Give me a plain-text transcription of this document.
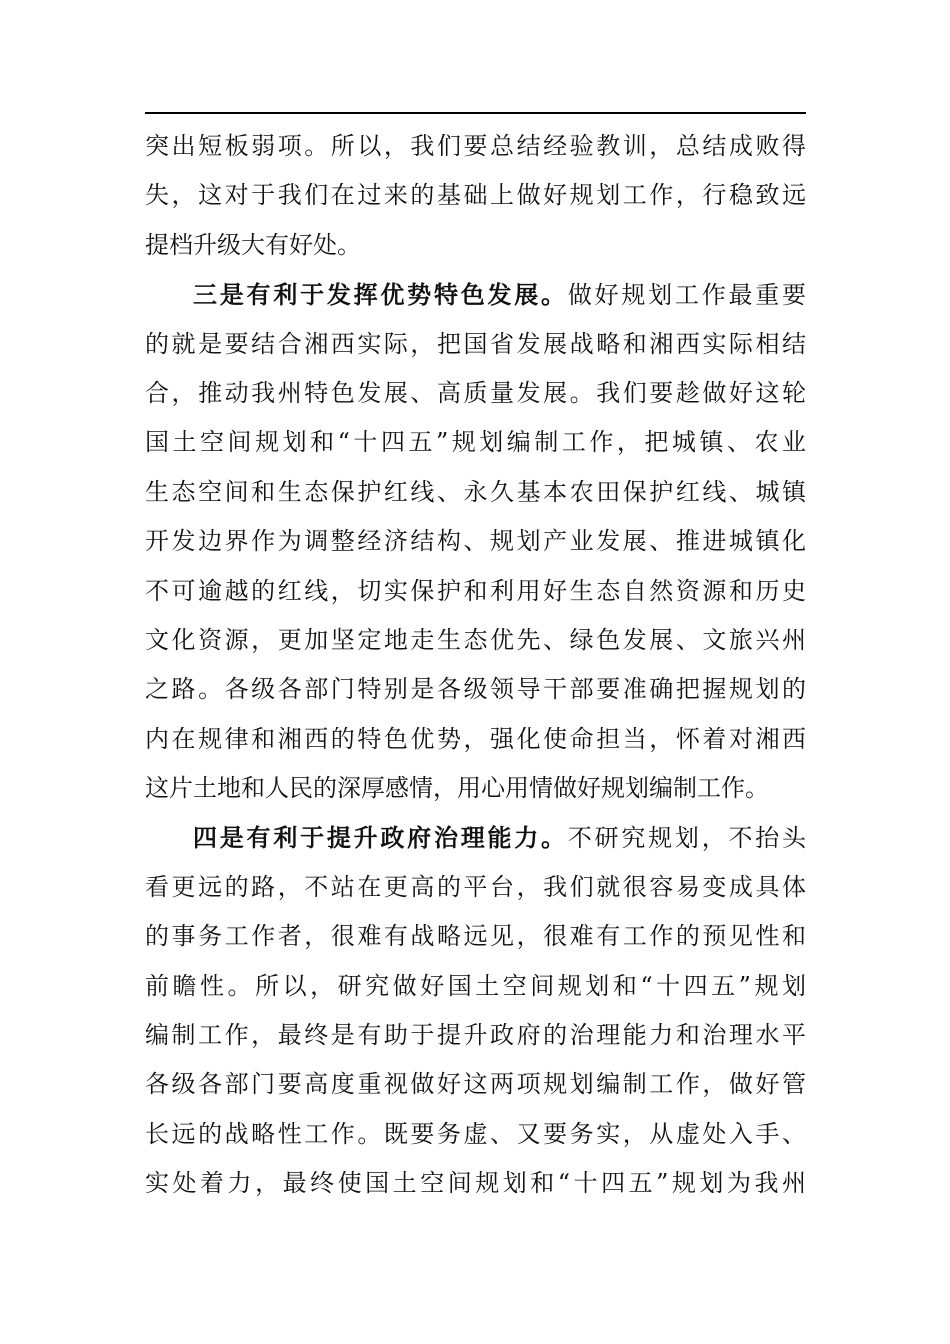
突出短板弱项。所以，我们要总结经验教训，总结成败得
失，这对于我们在过来的基础上做好规划工作，行稳致远
提档升级大有好处。
三是有利于发挥优势特色发展。做好规划工作最重要
的就是要结合湘西实际，把国省发展战略和湘西实际相结
合，推动我州特色发展、高质量发展。我们要趁做好这轮
国土空间规划和“十四五”规划编制工作，把城镇、农业
生态空间和生态保护红线、永久基本农田保护红线、城镇
开发边界作为调整经济结构、规划产业发展、推进城镇化
不可逾越的红线，切实保护和利用好生态自然资源和历史
文化资源，更加坚定地走生态优先、绿色发展、文旅兴州
之路。各级各部门特别是各级领导干部要准确把握规划的
内在规律和湘西的特色优势，强化使命担当，怀着对湘西
这片土地和人民的深厚感情，用心用情做好规划编制工作。
四是有利于提升政府治理能力。不研究规划，不抬头
看更远的路，不站在更高的平台，我们就很容易变成具体
的事务工作者，很难有战略远见，很难有工作的预见性和
前瞻性。所以，研究做好国土空间规划和“十四五”规划
编制工作，最终是有助于提升政府的治理能力和治理水平
各级各部门要高度重视做好这两项规划编制工作，做好管
长远的战略性工作。既要务虚、又要务实，从虚处入手、
实处着力，最终使国土空间规划和“十四五”规划为我州
